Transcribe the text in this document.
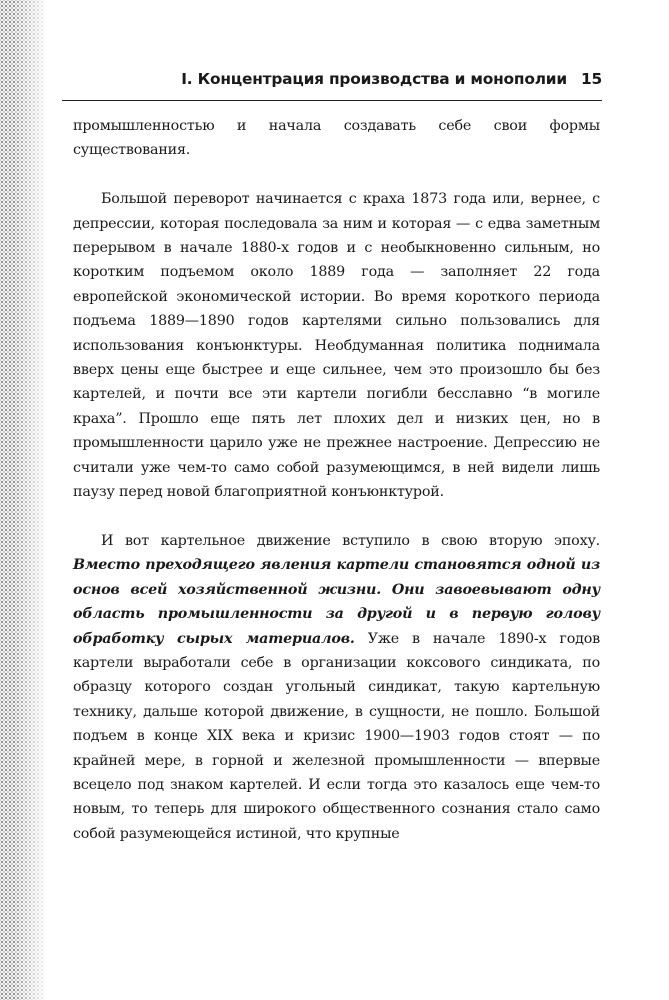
I. Концентрация производства и монополии 15

промышленностью и начала создавать себе свои формы существования.

Большой переворот начинается с краха 1873 года или, вернее, с депрессии, которая последовала за ним и которая — с едва заметным перерывом в начале 1880-х годов и с необыкновенно сильным, но коротким подъемом около 1889 года — заполняет 22 года европейской экономической истории. Во время короткого периода подъема 1889—1890 годов картелями сильно пользовались для использования конъюнктуры. Необдуманная политика поднимала вверх цены еще быстрее и еще сильнее, чем это произошло бы без картелей, и почти все эти картели погибли бесславно “в могиле краха”. Прошло еще пять лет плохих дел и низких цен, но в промышленности царило уже не прежнее настроение. Депрессию не считали уже чем-то само собой разумеющимся, в ней видели лишь паузу перед новой благоприятной конъюнктурой.

И вот картельное движение вступило в свою вторую эпоху. Вместо преходящего явления картели становятся одной из основ всей хозяйственной жизни. Они завоевывают одну область промышленности за другой и в первую голову обработку сырых материалов. Уже в начале 1890-х годов картели выработали себе в организации коксового синдиката, по образцу которого создан угольный синдикат, такую картельную технику, дальше которой движение, в сущности, не пошло. Большой подъем в конце XIX века и кризис 1900—1903 годов стоят — по крайней мере, в горной и железной промышленности — впервые всецело под знаком картелей. И если тогда это казалось еще чем-то новым, то теперь для широкого общественного сознания стало само собой разумеющейся истиной, что крупные
